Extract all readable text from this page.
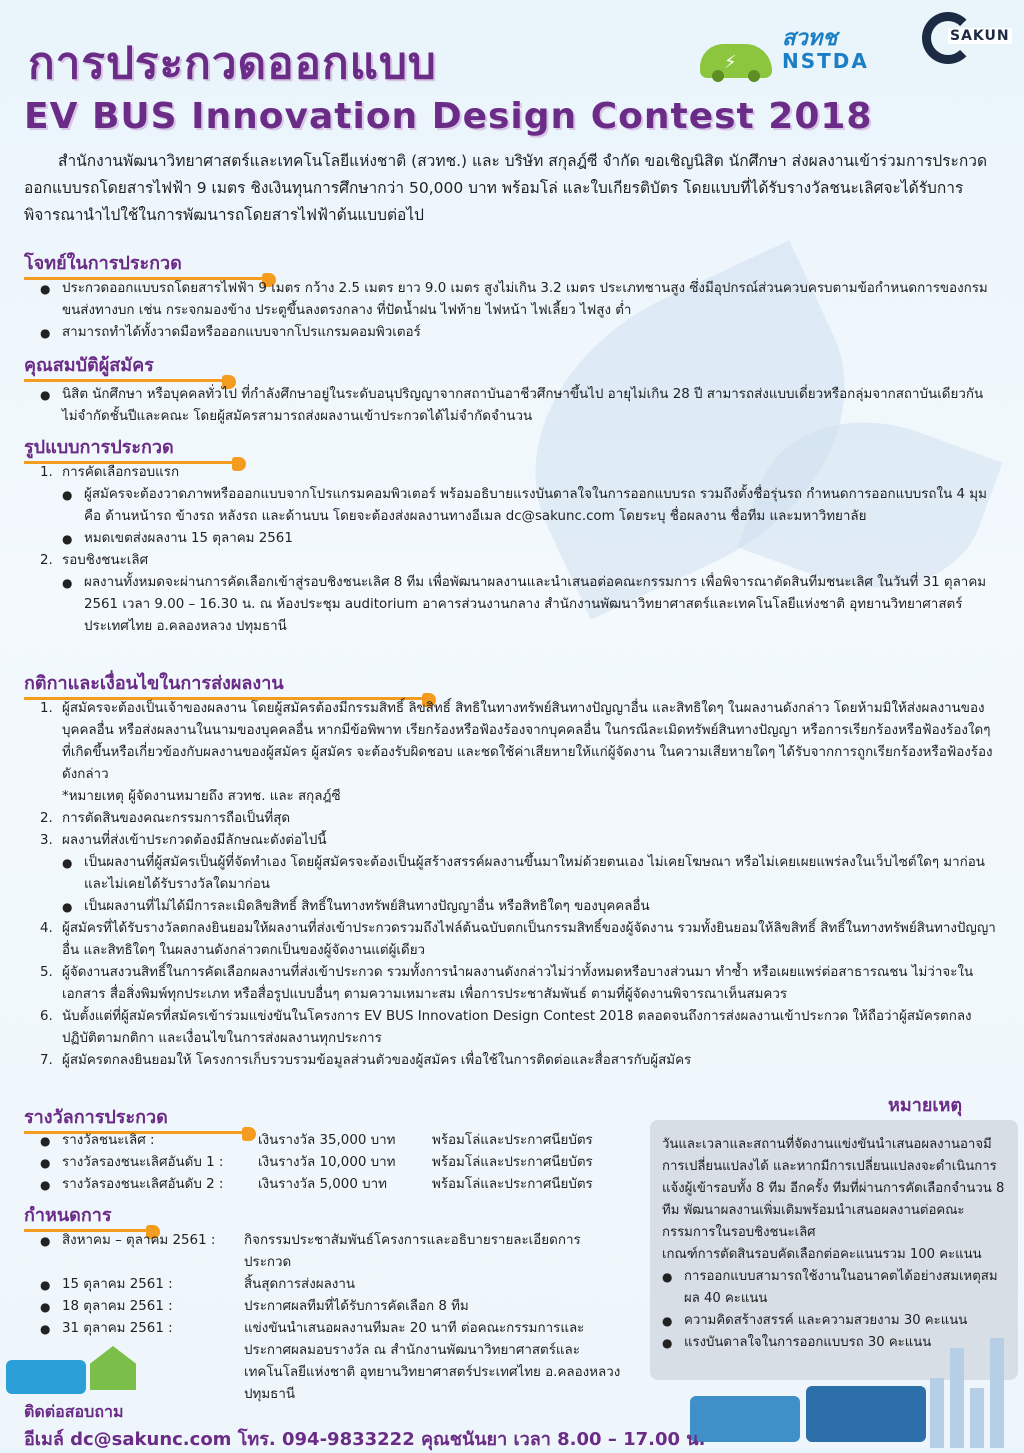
การประกวดออกแบบ	⚡
สวทช
NSTDA
SAKUN
EV BUS Innovation Design Contest 2018
สำนักงานพัฒนาวิทยาศาสตร์และเทคโนโลยีแห่งชาติ (สวทช.) และ บริษัท สกุลฎ์ซี จำกัด ขอเชิญนิสิต นักศึกษา ส่งผลงานเข้าร่วมการประกวดออกแบบรถโดยสารไฟฟ้า 9 เมตร ชิงเงินทุนการศึกษากว่า 50,000 บาท พร้อมโล่ และใบเกียรติบัตร โดยแบบที่ได้รับรางวัลชนะเลิศจะได้รับการพิจารณานำไปใช้ในการพัฒนารถโดยสารไฟฟ้าต้นแบบต่อไป
โจทย์ในการประกวด
● ประกวดออกแบบรถโดยสารไฟฟ้า 9 เมตร กว้าง 2.5 เมตร ยาว 9.0 เมตร สูงไม่เกิน 3.2 เมตร ประเภทชานสูง ซึ่งมีอุปกรณ์ส่วนควบครบตามข้อกำหนดการของกรมขนส่งทางบก เช่น กระจกมองข้าง ประตูขึ้นลงตรงกลาง ที่ปัดน้ำฝน ไฟท้าย ไฟหน้า ไฟเลี้ยว ไฟสูง ต่ำ
● สามารถทำได้ทั้งวาดมือหรือออกแบบจากโปรแกรมคอมพิวเตอร์
คุณสมบัติผู้สมัคร
● นิสิต นักศึกษา หรือบุคคลทั่วไป ที่กำลังศึกษาอยู่ในระดับอนุปริญญาจากสถาบันอาชีวศึกษาขึ้นไป อายุไม่เกิน 28 ปี สามารถส่งแบบเดี่ยวหรือกลุ่มจากสถาบันเดียวกัน ไม่จำกัดชั้นปีและคณะ โดยผู้สมัครสามารถส่งผลงานเข้าประกวดได้ไม่จำกัดจำนวน
รูปแบบการประกวด
1. การคัดเลือกรอบแรก
● ผู้สมัครจะต้องวาดภาพหรือออกแบบจากโปรแกรมคอมพิวเตอร์ พร้อมอธิบายแรงบันดาลใจในการออกแบบรถ รวมถึงตั้งชื่อรุ่นรถ กำหนดการออกแบบรถใน 4 มุม คือ ด้านหน้ารถ ข้างรถ หลังรถ และด้านบน โดยจะต้องส่งผลงานทางอีเมล dc@sakunc.com โดยระบุ ชื่อผลงาน ชื่อทีม และมหาวิทยาลัย
● หมดเขตส่งผลงาน 15 ตุลาคม 2561
2. รอบชิงชนะเลิศ
● ผลงานทั้งหมดจะผ่านการคัดเลือกเข้าสู่รอบชิงชนะเลิศ 8 ทีม เพื่อพัฒนาผลงานและนำเสนอต่อคณะกรรมการ เพื่อพิจารณาตัดสินทีมชนะเลิศ ในวันที่ 31 ตุลาคม 2561 เวลา 9.00 – 16.30 น. ณ ห้องประชุม auditorium อาคารส่วนงานกลาง สำนักงานพัฒนาวิทยาศาสตร์และเทคโนโลยีแห่งชาติ อุทยานวิทยาศาสตร์ประเทศไทย อ.คลองหลวง ปทุมธานี
กติกาและเงื่อนไขในการส่งผลงาน
1. ผู้สมัครจะต้องเป็นเจ้าของผลงาน โดยผู้สมัครต้องมีกรรมสิทธิ์ ลิขสิทธิ์ สิทธิในทางทรัพย์สินทางปัญญาอื่น และสิทธิใดๆ ในผลงานดังกล่าว โดยห้ามมิให้ส่งผลงานของบุคคลอื่น หรือส่งผลงานในนามของบุคคลอื่น หากมีข้อพิพาท เรียกร้องหรือฟ้องร้องจากบุคคลอื่น ในกรณีละเมิดทรัพย์สินทางปัญญา หรือการเรียกร้องหรือฟ้องร้องใดๆ ที่เกิดขึ้นหรือเกี่ยวข้องกับผลงานของผู้สมัคร ผู้สมัคร จะต้องรับผิดชอบ และชดใช้ค่าเสียหายให้แก่ผู้จัดงาน ในความเสียหายใดๆ ได้รับจากการถูกเรียกร้องหรือฟ้องร้อง ดังกล่าว
*หมายเหตุ ผู้จัดงานหมายถึง สวทช. และ สกุลฎ์ซี
2. การตัดสินของคณะกรรมการถือเป็นที่สุด
3. ผลงานที่ส่งเข้าประกวดต้องมีลักษณะดังต่อไปนี้
● เป็นผลงานที่ผู้สมัครเป็นผู้ที่จัดทำเอง โดยผู้สมัครจะต้องเป็นผู้สร้างสรรค์ผลงานขึ้นมาใหม่ด้วยตนเอง ไม่เคยโฆษณา หรือไม่เคยเผยแพร่ลงในเว็บไซต์ใดๆ มาก่อน และไม่เคยได้รับรางวัลใดมาก่อน
● เป็นผลงานที่ไม่ได้มีการละเมิดลิขสิทธิ์ สิทธิ์ในทางทรัพย์สินทางปัญญาอื่น หรือสิทธิใดๆ ของบุคคลอื่น
4. ผู้สมัครที่ได้รับรางวัลตกลงยินยอมให้ผลงานที่ส่งเข้าประกวดรวมถึงไฟล์ต้นฉบับตกเป็นกรรมสิทธิ์ของผู้จัดงาน รวมทั้งยินยอมให้ลิขสิทธิ์ สิทธิ์ในทางทรัพย์สินทางปัญญาอื่น และสิทธิใดๆ ในผลงานดังกล่าวตกเป็นของผู้จัดงานแต่ผู้เดียว
5. ผู้จัดงานสงวนสิทธิ์ในการคัดเลือกผลงานที่ส่งเข้าประกวด รวมทั้งการนำผลงานดังกล่าวไม่ว่าทั้งหมดหรือบางส่วนมา ทำซ้ำ หรือเผยแพร่ต่อสาธารณชน ไม่ว่าจะในเอกสาร สื่อสิ่งพิมพ์ทุกประเภท หรือสื่อรูปแบบอื่นๆ ตามความเหมาะสม เพื่อการประชาสัมพันธ์ ตามที่ผู้จัดงานพิจารณาเห็นสมควร
6. นับตั้งแต่ที่ผู้สมัครที่สมัครเข้าร่วมแข่งขันในโครงการ EV BUS Innovation Design Contest 2018 ตลอดจนถึงการส่งผลงานเข้าประกวด ให้ถือว่าผู้สมัครตกลงปฏิบัติตามกติกา และเงื่อนไขในการส่งผลงานทุกประการ
7. ผู้สมัครตกลงยินยอมให้ โครงการเก็บรวบรวมข้อมูลส่วนตัวของผู้สมัคร เพื่อใช้ในการติดต่อและสื่อสารกับผู้สมัคร
หมายเหตุ
วันและเวลาและสถานที่จัดงานแข่งขันนำเสนอผลงานอาจมีการเปลี่ยนแปลงได้ และหากมีการเปลี่ยนแปลงจะดำเนินการแจ้งผู้เข้ารอบทั้ง 8 ทีม อีกครั้ง ทีมที่ผ่านการคัดเลือกจำนวน 8 ทีม พัฒนาผลงานเพิ่มเติมพร้อมนำเสนอผลงานต่อคณะกรรมการในรอบชิงชนะเลิศ
เกณฑ์การตัดสินรอบคัดเลือกต่อคะแนนรวม 100 คะแนน
● การออกแบบสามารถใช้งานในอนาคตได้อย่างสมเหตุสมผล 40 คะแนน
● ความคิดสร้างสรรค์ และความสวยงาม 30 คะแนน
● แรงบันดาลใจในการออกแบบรถ 30 คะแนน
รางวัลการประกวด
● รางวัลชนะเลิศ :	เงินรางวัล 35,000 บาท	พร้อมโล่และประกาศนียบัตร
● รางวัลรองชนะเลิศอันดับ 1 :	เงินรางวัล 10,000 บาท	พร้อมโล่และประกาศนียบัตร
● รางวัลรองชนะเลิศอันดับ 2 :	เงินรางวัล 5,000 บาท	พร้อมโล่และประกาศนียบัตร
กำหนดการ
● สิงหาคม – ตุลาคม 2561 : กิจกรรมประชาสัมพันธ์โครงการและอธิบายรายละเอียดการประกวด
● 15 ตุลาคม 2561 :	สิ้นสุดการส่งผลงาน
● 18 ตุลาคม 2561 :	ประกาศผลทีมที่ได้รับการคัดเลือก 8 ทีม
● 31 ตุลาคม 2561 :	แข่งขันนำเสนอผลงานทีมละ 20 นาที ต่อคณะกรรมการและประกาศผลมอบรางวัล ณ สำนักงานพัฒนาวิทยาศาสตร์และเทคโนโลยีแห่งชาติ อุทยานวิทยาศาสตร์ประเทศไทย อ.คลองหลวง ปทุมธานี
ติดต่อสอบถาม
อีเมล์ dc@sakunc.com โทร. 094-9833222 คุณชนันยา เวลา 8.00 – 17.00 น.
